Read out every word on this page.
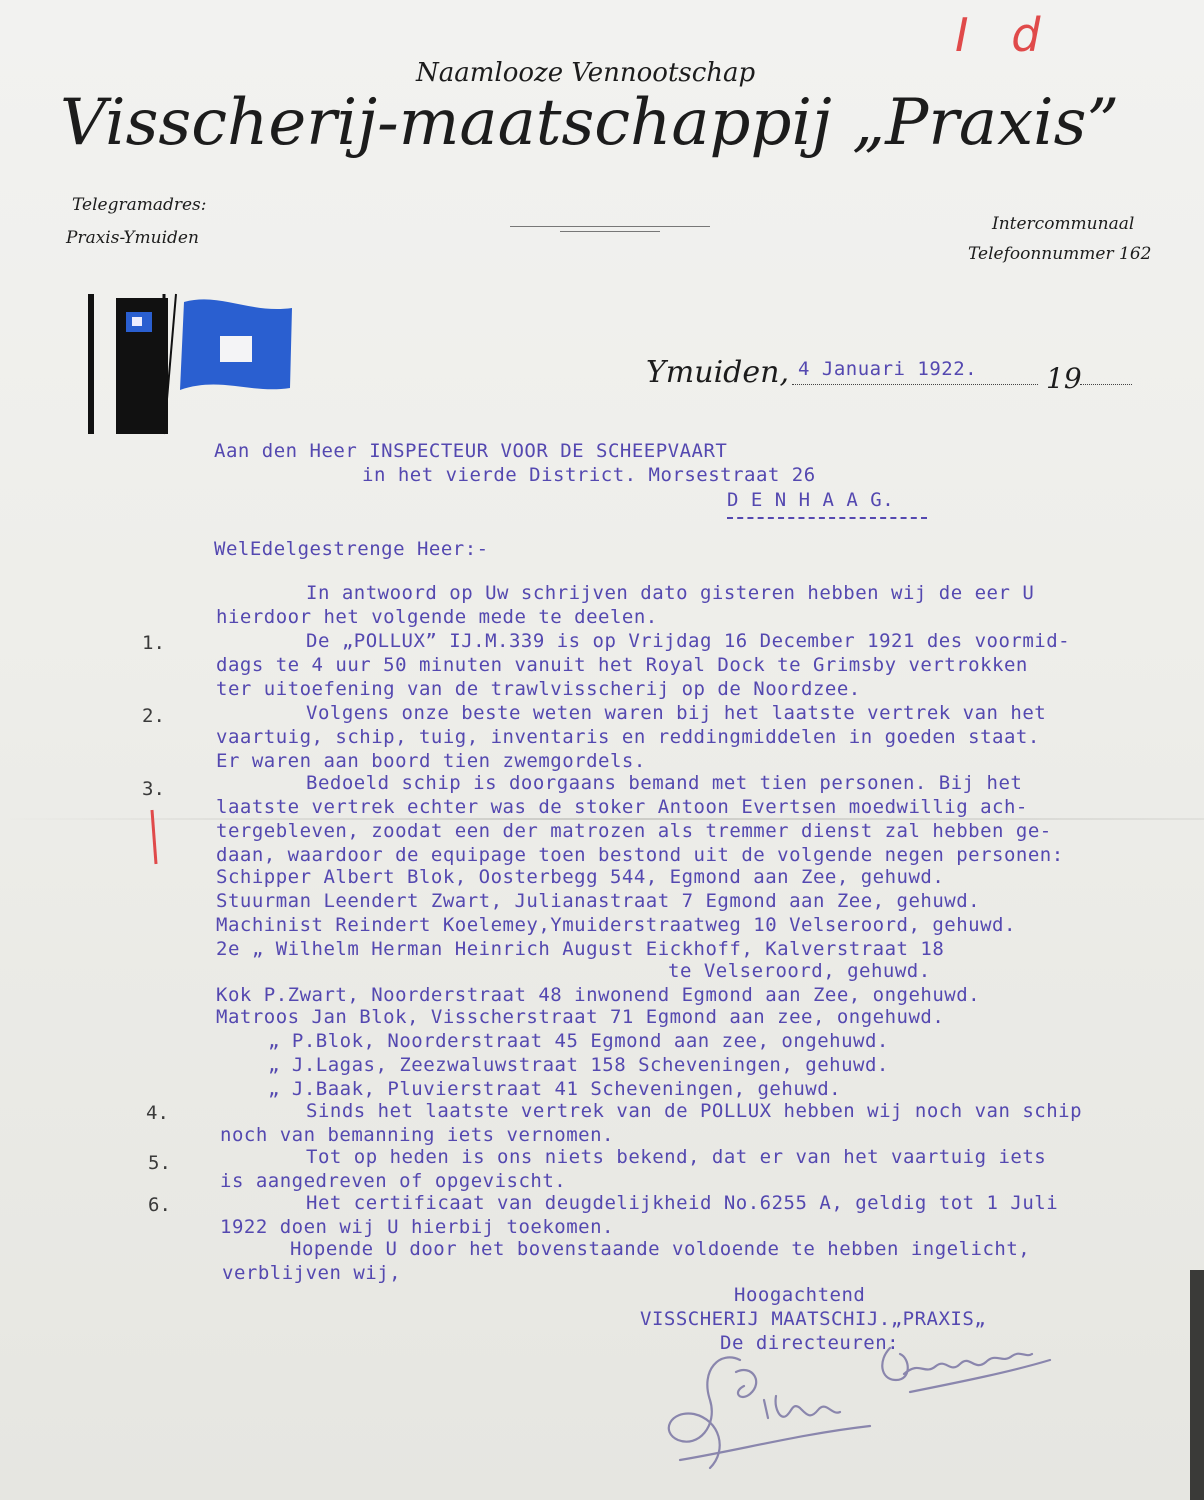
I d
Naamlooze Vennootschap
Visscherij-maatschappij „Praxis”
Telegramadres:
Praxis-Ymuiden
Intercommunaal
Telefoonnummer 162
Ymuiden, 4 Januari 1922. 19
Aan den Heer INSPECTEUR VOOR DE SCHEEPVAART
in het vierde District. Morsestraat 26
D E N H A A G.
WelEdelgestrenge Heer:-
1.
2.
3.
4.
5.
6.
In antwoord op Uw schrijven dato gisteren hebben wij de eer U
hierdoor het volgende mede te deelen.
De „POLLUX” IJ.M.339 is op Vrijdag 16 December 1921 des voormid-
dags te 4 uur 50 minuten vanuit het Royal Dock te Grimsby vertrokken
ter uitoefening van de trawlvisscherij op de Noordzee.
Volgens onze beste weten waren bij het laatste vertrek van het
vaartuig, schip, tuig, inventaris en reddingmiddelen in goeden staat.
Er waren aan boord tien zwemgordels.
Bedoeld schip is doorgaans bemand met tien personen. Bij het
laatste vertrek echter was de stoker Antoon Evertsen moedwillig ach-
tergebleven, zoodat een der matrozen als tremmer dienst zal hebben ge-
daan, waardoor de equipage toen bestond uit de volgende negen personen:
Schipper Albert Blok, Oosterbegg 544, Egmond aan Zee, gehuwd.
Stuurman Leendert Zwart, Julianastraat 7 Egmond aan Zee, gehuwd.
Machinist Reindert Koelemey,Ymuiderstraatweg 10 Velseroord, gehuwd.
2e „ Wilhelm Herman Heinrich August Eickhoff, Kalverstraat 18
te Velseroord, gehuwd.
Kok P.Zwart, Noorderstraat 48 inwonend Egmond aan Zee, ongehuwd.
Matroos Jan Blok, Visscherstraat 71 Egmond aan zee, ongehuwd.
„ P.Blok, Noorderstraat 45 Egmond aan zee, ongehuwd.
„ J.Lagas, Zeezwaluwstraat 158 Scheveningen, gehuwd.
„ J.Baak, Pluvierstraat 41 Scheveningen, gehuwd.
Sinds het laatste vertrek van de POLLUX hebben wij noch van schip
noch van bemanning iets vernomen.
Tot op heden is ons niets bekend, dat er van het vaartuig iets
is aangedreven of opgevischt.
Het certificaat van deugdelijkheid No.6255 A, geldig tot 1 Juli
1922 doen wij U hierbij toekomen.
Hopende U door het bovenstaande voldoende te hebben ingelicht,
verblijven wij,
Hoogachtend
VISSCHERIJ MAATSCHIJ.„PRAXIS„
De directeuren:
